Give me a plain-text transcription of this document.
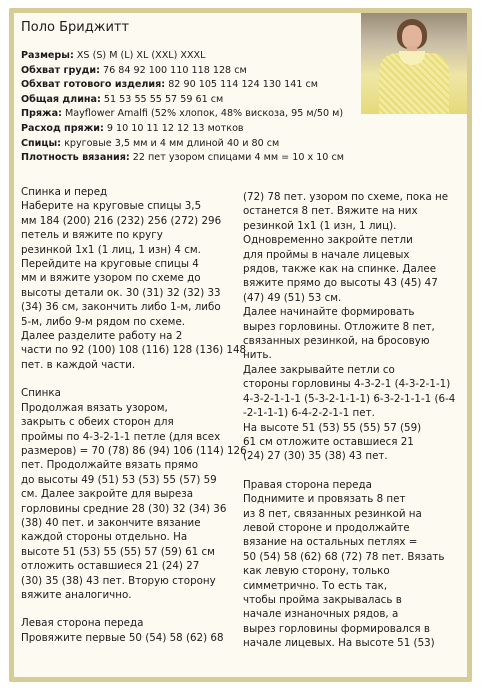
Поло Бриджитт
Размеры: XS (S) M (L) XL (XXL) XXXL
Обхват груди: 76 84 92 100 110 118 128 см
Обхват готового изделия: 82 90 105 114 124 130 141 см
Общая длина: 51 53 55 55 57 59 61 см
Пряжа: Mayflower Amalfi (52% хлопок, 48% вискоза, 95 м/50 м)
Расход пряжи: 9 10 10 11 12 12 13 мотков
Спицы: круговые 3,5 мм и 4 мм длиной 40 и 80 см
Плотность вязания: 22 пет узором спицами 4 мм = 10 х 10 см
Спинка и перед
Наберите на круговые спицы 3,5
мм 184 (200) 216 (232) 256 (272) 296
петель и вяжите по кругу
резинкой 1х1 (1 лиц, 1 изн) 4 см.
Перейдите на круговые спицы 4
мм и вяжите узором по схеме до
высоты детали ок. 30 (31) 32 (32) 33
(34) 36 см, закончить либо 1-м, либо
5-м, либо 9-м рядом по схеме.
Далее разделите работу на 2
части по 92 (100) 108 (116) 128 (136) 148
пет. в каждой части.
Спинка
Продолжая вязать узором,
закрыть с обеих сторон для
проймы по 4-3-2-1-1 петле (для всех
размеров) = 70 (78) 86 (94) 106 (114) 126
пет. Продолжайте вязать прямо
до высоты 49 (51) 53 (53) 55 (57) 59
см. Далее закройте для выреза
горловины средние 28 (30) 32 (34) 36
(38) 40 пет. и закончите вязание
каждой стороны отдельно. На
высоте 51 (53) 55 (55) 57 (59) 61 см
отложить оставшиеся 21 (24) 27
(30) 35 (38) 43 пет. Вторую сторону
вяжите аналогично.
Левая сторона переда
Провяжите первые 50 (54) 58 (62) 68
(72) 78 пет. узором по схеме, пока не
останется 8 пет. Вяжите на них
резинкой 1х1 (1 изн, 1 лиц).
Одновременно закройте петли
для проймы в начале лицевых
рядов, также как на спинке. Далее
вяжите прямо до высоты 43 (45) 47
(47) 49 (51) 53 см.
Далее начинайте формировать
вырез горловины. Отложите 8 пет,
связанных резинкой, на бросовую
нить.
Далее закрывайте петли со
стороны горловины 4-3-2-1 (4-3-2-1-1)
4-3-2-1-1-1 (5-3-2-1-1-1) 6-3-2-1-1-1 (6-4
-2-1-1-1) 6-4-2-2-1-1 пет.
На высоте 51 (53) 55 (55) 57 (59)
61 см отложите оставшиеся 21
(24) 27 (30) 35 (38) 43 пет.
Правая сторона переда
Поднимите и провязать 8 пет
из 8 пет, связанных резинкой на
левой стороне и продолжайте
вязание на остальных петлях =
50 (54) 58 (62) 68 (72) 78 пет. Вязать
как левую сторону, только
симметрично. То есть так,
чтобы пройма закрывалась в
начале изнаночных рядов, а
вырез горловины формировался в
начале лицевых. На высоте 51 (53)
